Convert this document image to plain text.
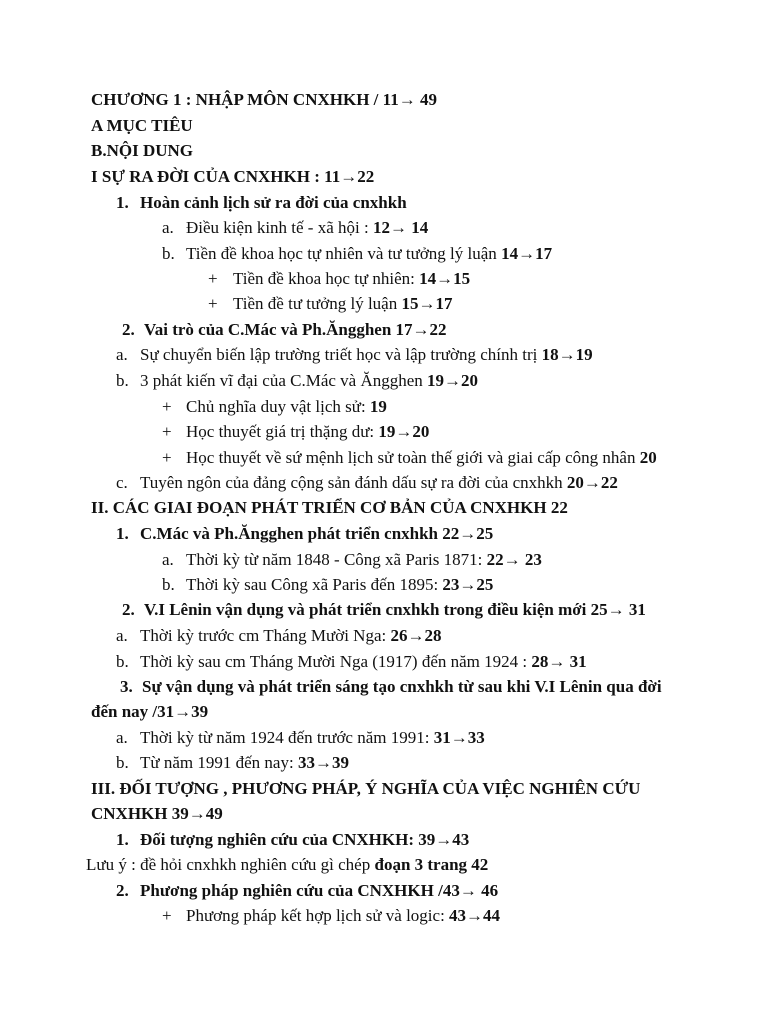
CHƯƠNG 1 : NHẬP MÔN CNXHKH / 11→ 49
A MỤC TIÊU
B.NỘI DUNG
I SỰ RA ĐỜI CỦA CNXHKH : 11→22
1. Hoàn cảnh lịch sử ra đời của cnxhkh
a. Điều kiện kinh tế - xã hội : 12→ 14
b. Tiền đề khoa học tự nhiên và tư tưởng lý luận 14→17
+ Tiền đề khoa học tự nhiên: 14→15
+ Tiền đề tư tưởng lý luận 15→17
2. Vai trò của C.Mác và Ph.Ăngghen 17→22
a. Sự chuyển biến lập trường triết học và lập trường chính trị 18→19
b. 3 phát kiến vĩ đại của C.Mác và Ăngghen 19→20
+ Chủ nghĩa duy vật lịch sử: 19
+ Học thuyết giá trị thặng dư: 19→20
+ Học thuyết về sứ mệnh lịch sử toàn thế giới và giai cấp công nhân 20
c. Tuyên ngôn của đảng cộng sản đánh dấu sự ra đời của cnxhkh 20→22
II. CÁC GIAI ĐOẠN PHÁT TRIỂN CƠ BẢN CỦA CNXHKH 22
1. C.Mác và Ph.Ăngghen phát triển cnxhkh 22→25
a. Thời kỳ từ năm 1848 - Công xã Paris 1871: 22→ 23
b. Thời kỳ sau Công xã Paris đến 1895: 23→25
2. V.I Lênin vận dụng và phát triển cnxhkh trong điều kiện mới 25→ 31
a. Thời kỳ trước cm Tháng Mười Nga: 26→28
b. Thời kỳ sau cm Tháng Mười Nga (1917) đến năm 1924 : 28→ 31
3. Sự vận dụng và phát triển sáng tạo cnxhkh từ sau khi V.I Lênin qua đời
đến nay /31→39
a. Thời kỳ từ năm 1924 đến trước năm 1991: 31→33
b. Từ năm 1991 đến nay: 33→39
III. ĐỐI TƯỢNG , PHƯƠNG PHÁP, Ý NGHĨA CỦA VIỆC NGHIÊN CỨU
CNXHKH 39→49
1. Đối tượng nghiên cứu của CNXHKH: 39→43
Lưu ý : đề hỏi cnxhkh nghiên cứu gì chép đoạn 3 trang 42
2. Phương pháp nghiên cứu của CNXHKH /43→ 46
+ Phương pháp kết hợp lịch sử và logic: 43→44
